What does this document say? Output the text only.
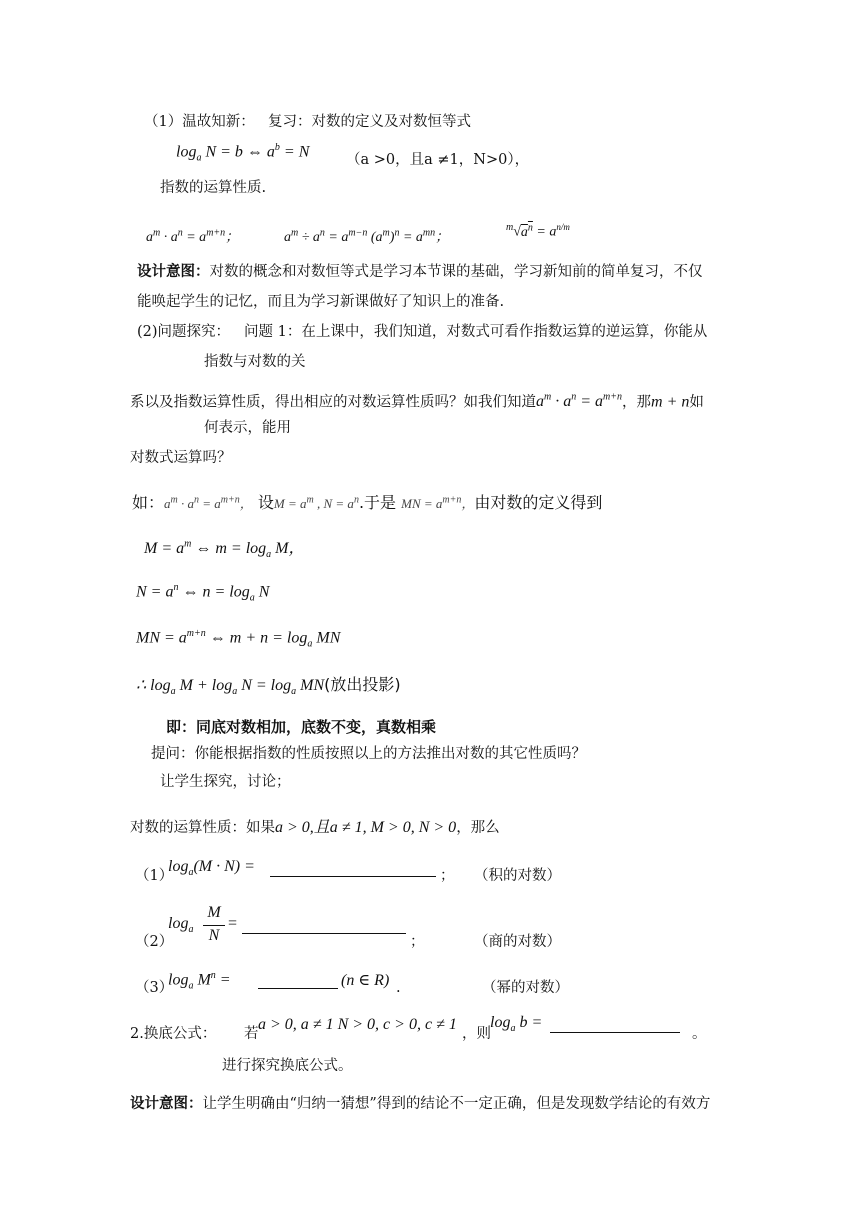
（1）温故知新： 复习：对数的定义及对数恒等式
$\log_a N = b$ ⇔ $a^b = N$	（a >0，且a ≠1，N>0），
指数的运算性质.
$a^m \cdot a^n = a^{m+n}$；	$a^m \div a^n = a^{m-n}$ $(a^m)^n = a^{mn}$；
$^m√a^n = a^{n/m}$
设计意图：对数的概念和对数恒等式是学习本节课的基础，学习新知前的简单复习，不仅
能唤起学生的记忆，而且为学习新课做好了知识上的准备.
(2)问题探究： 问题 1：在上课中，我们知道，对数式可看作指数运算的逆运算，你能从
指数与对数的关
系以及指数运算性质，得出相应的对数运算性质吗？如我们知道$a^m \cdot a^n = a^{m+n}$，那m + n如
何表示，能用
对数式运算吗？
如：$a^m \cdot a^n = a^{m+n}$， 设$M = a^m$ , $N = a^n$.于是 MN = $a^{m+n}$，由对数的定义得到
$M = a^m$ ⇔ $m = \log_a M$，
$N = a^n$ ⇔ $n = \log_a N$
MN = $a^{m+n}$ ⇔ $m + n = \log_a$ MN
∴ $\log_a M + \log_a N = \log_a MN$(放出投影)
即：同底对数相加，底数不变，真数相乘
提问：你能根据指数的性质按照以上的方法推出对数的其它性质吗？
让学生探究，讨论；
对数的运算性质：如果a > 0,且a ≠ 1, M > 0, N > 0，那么
（1）
$\log_a(M \cdot N)$ =
； （积的对数）
（2）
$\log_a$
M
N
=
；	（商的对数）
（3）
$\log_a M^n$ =	(n ∈ R) .	（幂的对数）
2.换底公式： 若
a > 0, a ≠ 1 N > 0, c > 0, c ≠ 1
，则
$\log_a b$ =
。
进行探究换底公式。
设计意图：让学生明确由“归纳一猜想”得到的结论不一定正确，但是发现数学结论的有效方
